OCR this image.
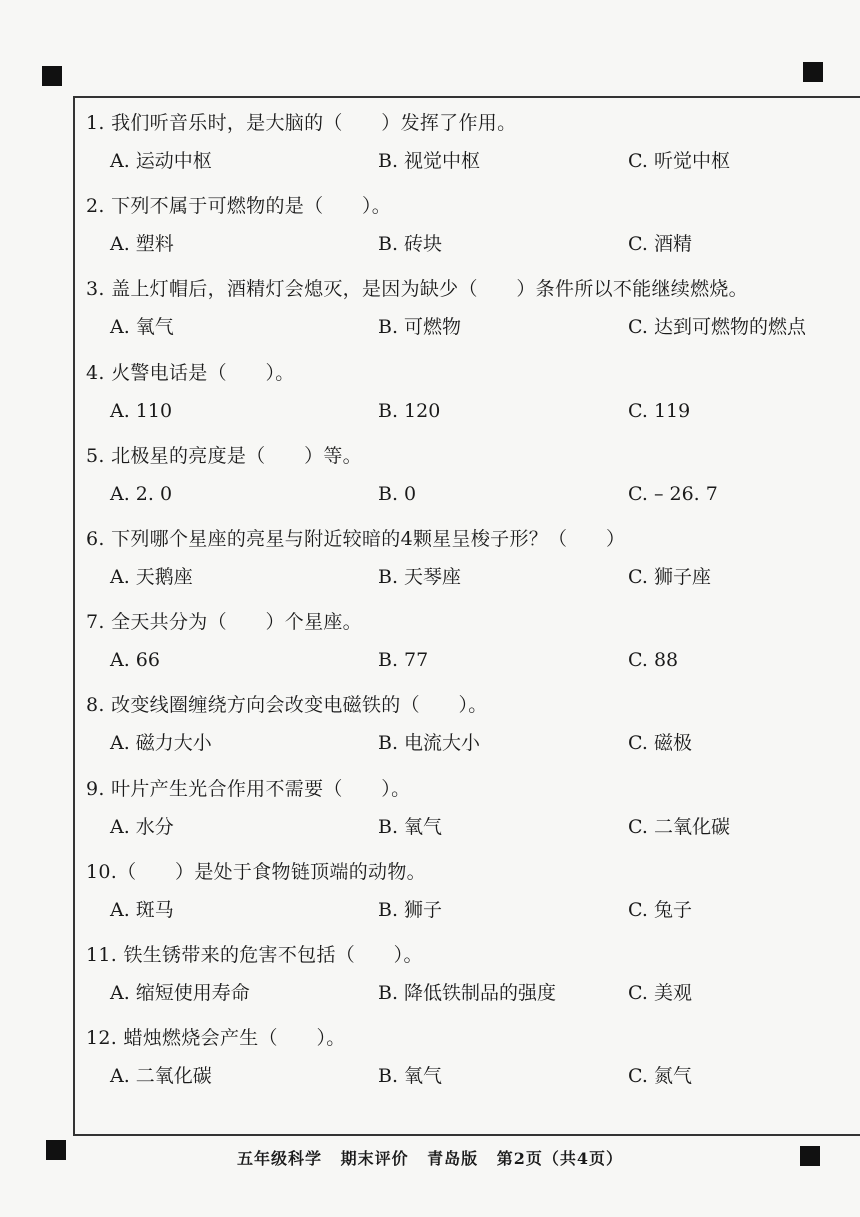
1. 我们听音乐时，是大脑的（　　）发挥了作用。
A. 运动中枢	B. 视觉中枢	C. 听觉中枢
2. 下列不属于可燃物的是（　　）。
A. 塑料	B. 砖块	C. 酒精
3. 盖上灯帽后，酒精灯会熄灭，是因为缺少（　　）条件所以不能继续燃烧。
A. 氧气	B. 可燃物	C. 达到可燃物的燃点
4. 火警电话是（　　）。
A. 110	B. 120	C. 119
5. 北极星的亮度是（　　）等。
A. 2. 0	B. 0	C. – 26. 7
6. 下列哪个星座的亮星与附近较暗的4颗星呈梭子形？（　　）
A. 天鹅座	B. 天琴座	C. 狮子座
7. 全天共分为（　　）个星座。
A. 66	B. 77	C. 88
8. 改变线圈缠绕方向会改变电磁铁的（　　）。
A. 磁力大小	B. 电流大小	C. 磁极
9. 叶片产生光合作用不需要（　　）。
A. 水分	B. 氧气	C. 二氧化碳
10.（　　）是处于食物链顶端的动物。
A. 斑马	B. 狮子	C. 兔子
11. 铁生锈带来的危害不包括（　　）。
A. 缩短使用寿命	B. 降低铁制品的强度	C. 美观
12. 蜡烛燃烧会产生（　　）。
A. 二氧化碳	B. 氧气	C. 氮气
五年级科学 期末评价 青岛版 第2页（共4页）
